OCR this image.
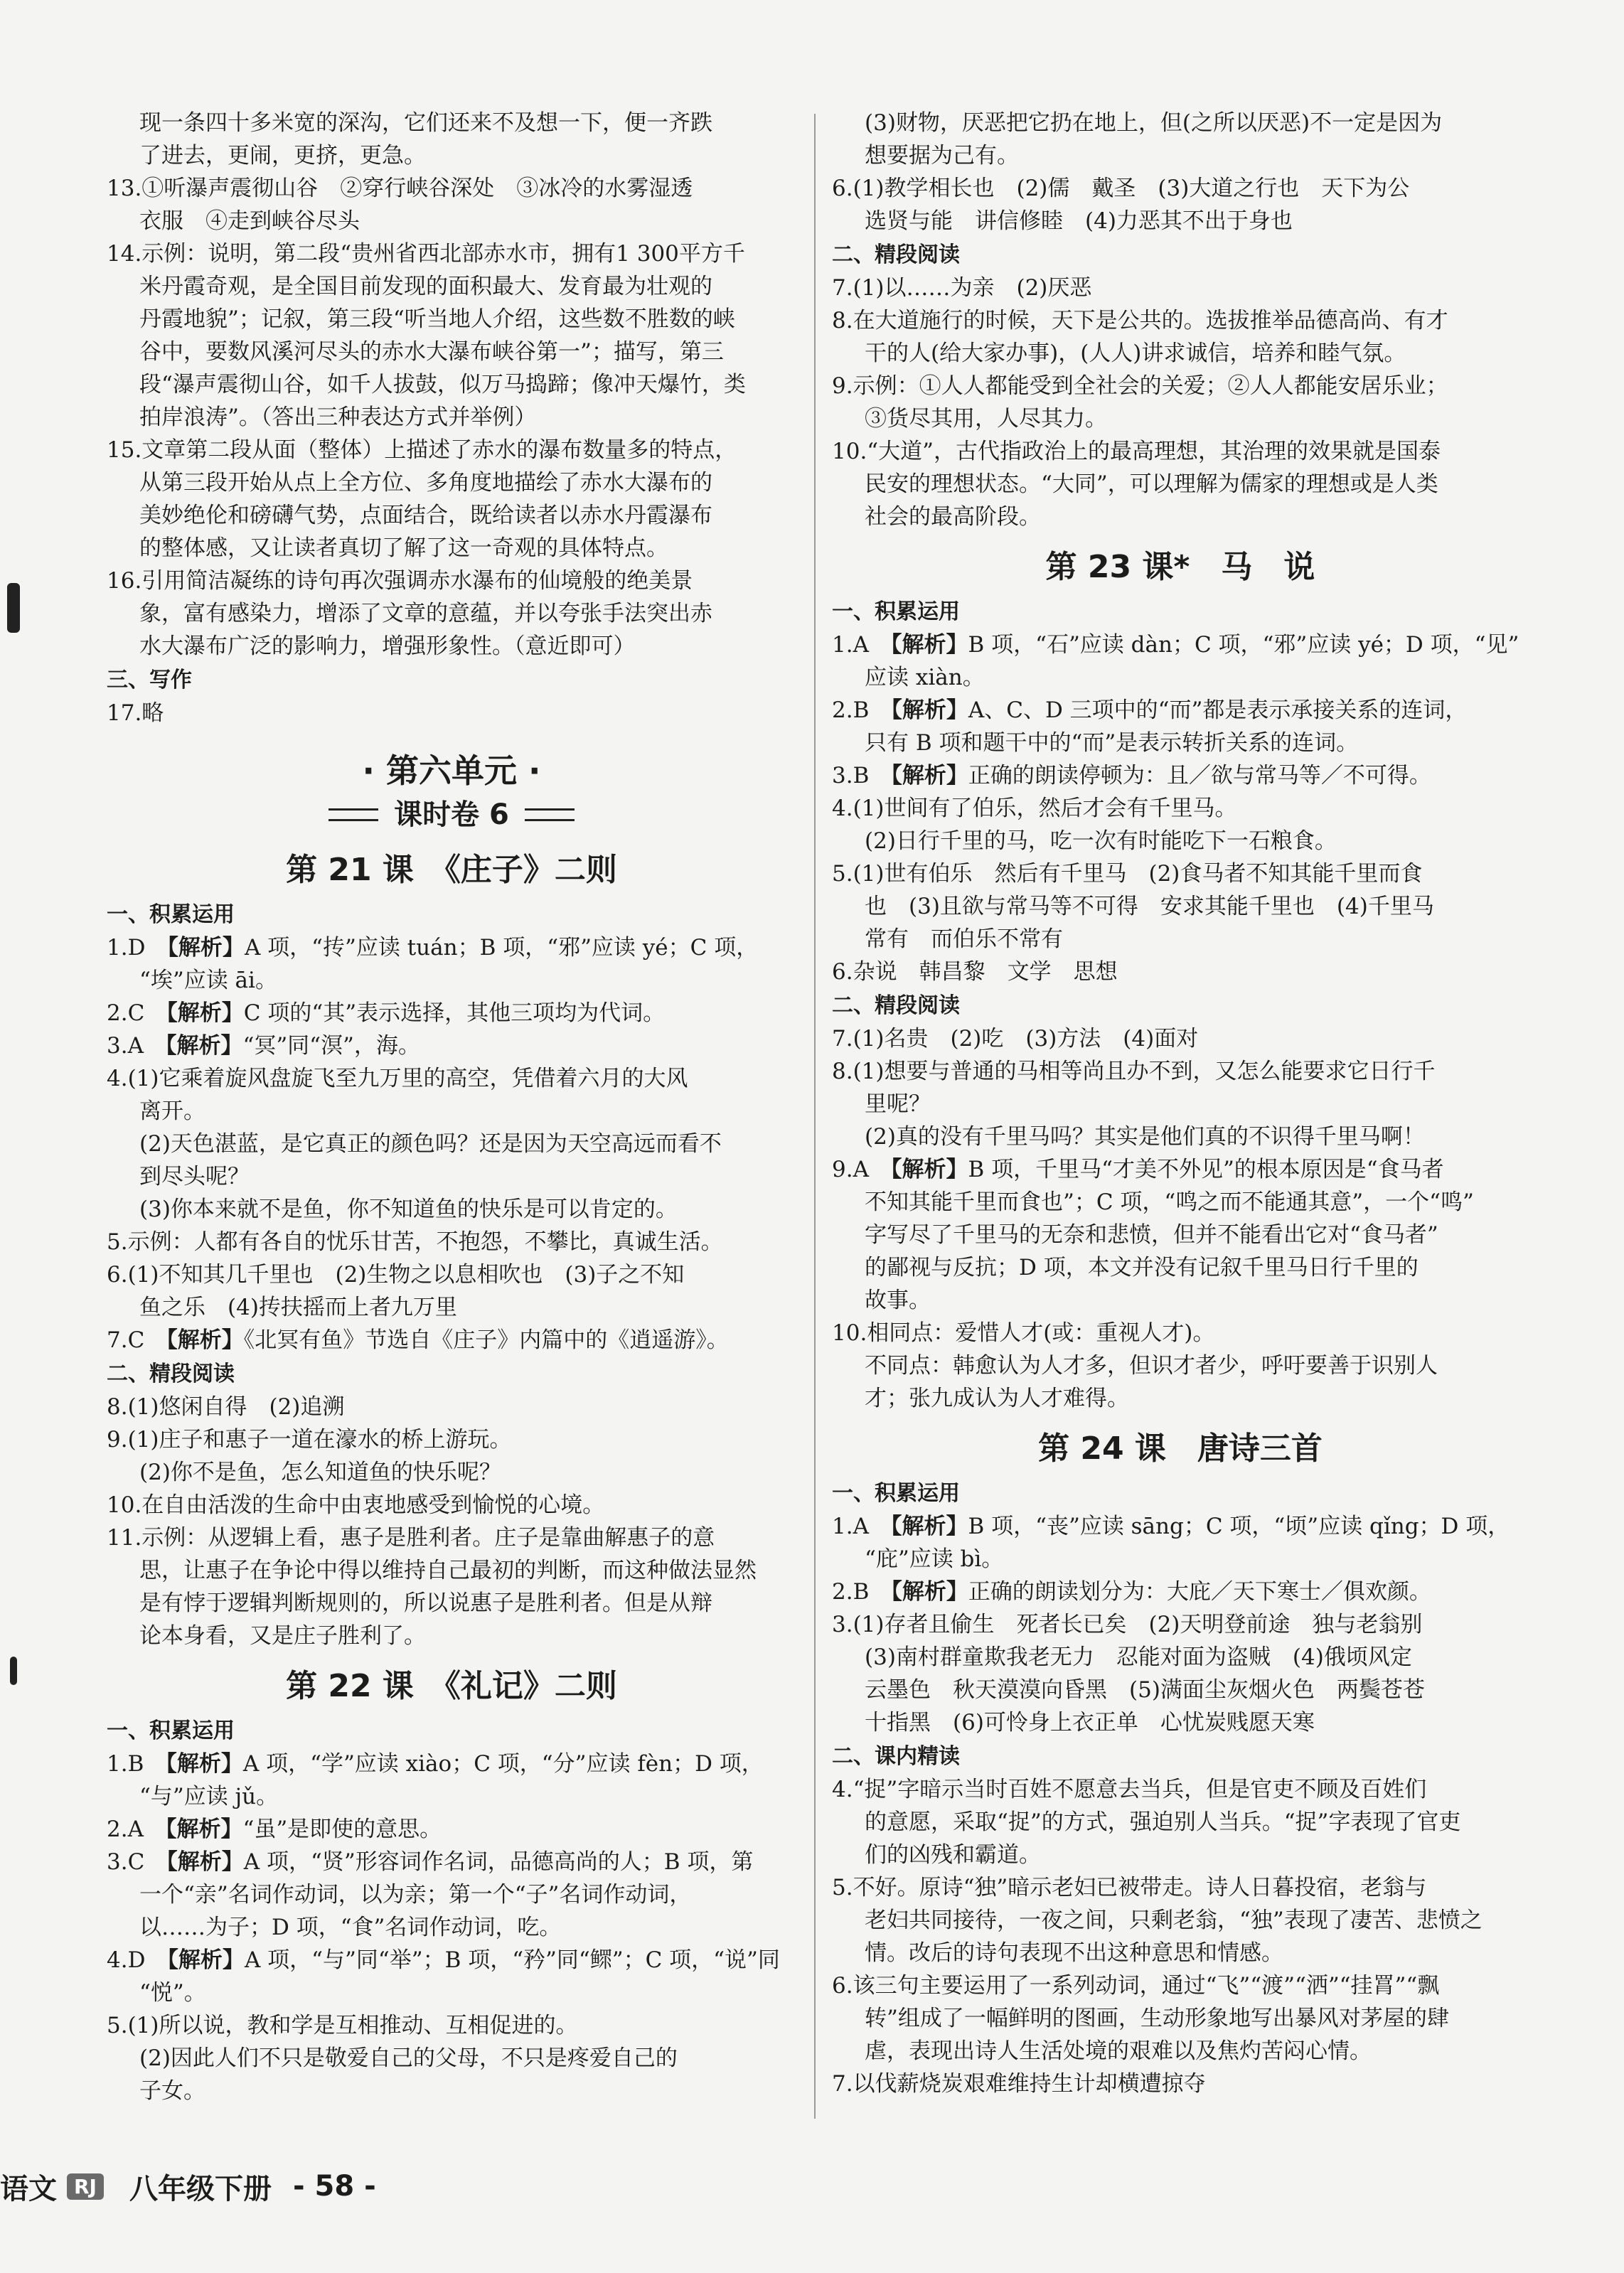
现一条四十多米宽的深沟，它们还来不及想一下，便一齐跌
了进去，更闹，更挤，更急。
13.①听瀑声震彻山谷　②穿行峡谷深处　③冰冷的水雾湿透
衣服　④走到峡谷尽头
14.示例：说明，第二段“贵州省西北部赤水市，拥有1 300平方千
米丹霞奇观，是全国目前发现的面积最大、发育最为壮观的
丹霞地貌”；记叙，第三段“听当地人介绍，这些数不胜数的峡
谷中，要数风溪河尽头的赤水大瀑布峡谷第一”；描写，第三
段“瀑声震彻山谷，如千人拔鼓，似万马捣蹄；像冲天爆竹，类
拍岸浪涛”。（答出三种表达方式并举例）
15.文章第二段从面（整体）上描述了赤水的瀑布数量多的特点，
从第三段开始从点上全方位、多角度地描绘了赤水大瀑布的
美妙绝伦和磅礴气势，点面结合，既给读者以赤水丹霞瀑布
的整体感，又让读者真切了解了这一奇观的具体特点。
16.引用简洁凝练的诗句再次强调赤水瀑布的仙境般的绝美景
象，富有感染力，增添了文章的意蕴，并以夸张手法突出赤
水大瀑布广泛的影响力，增强形象性。（意近即可）
三、写作
17.略
· 第六单元 ·
课时卷 6
第 21 课　《庄子》二则
一、积累运用
1.D　【解析】A 项，“抟”应读 tuán；B 项，“邪”应读 yé；C 项，
“埃”应读 āi。
2.C　【解析】C 项的“其”表示选择，其他三项均为代词。
3.A　【解析】“冥”同“溟”，海。
4.(1)它乘着旋风盘旋飞至九万里的高空，凭借着六月的大风
离开。
(2)天色湛蓝，是它真正的颜色吗？还是因为天空高远而看不
到尽头呢？
(3)你本来就不是鱼，你不知道鱼的快乐是可以肯定的。
5.示例：人都有各自的忧乐甘苦，不抱怨，不攀比，真诚生活。
6.(1)不知其几千里也　(2)生物之以息相吹也　(3)子之不知
鱼之乐　(4)抟扶摇而上者九万里
7.C　【解析】《北冥有鱼》节选自《庄子》内篇中的《逍遥游》。
二、精段阅读
8.(1)悠闲自得　(2)追溯
9.(1)庄子和惠子一道在濠水的桥上游玩。
(2)你不是鱼，怎么知道鱼的快乐呢？
10.在自由活泼的生命中由衷地感受到愉悦的心境。
11.示例：从逻辑上看，惠子是胜利者。庄子是靠曲解惠子的意
思，让惠子在争论中得以维持自己最初的判断，而这种做法显然
是有悖于逻辑判断规则的，所以说惠子是胜利者。但是从辩
论本身看，又是庄子胜利了。
第 22 课　《礼记》二则
一、积累运用
1.B　【解析】A 项，“学”应读 xiào；C 项，“分”应读 fèn；D 项，
“与”应读 jǔ。
2.A　【解析】“虽”是即使的意思。
3.C　【解析】A 项，“贤”形容词作名词，品德高尚的人；B 项，第
一个“亲”名词作动词，以为亲；第一个“子”名词作动词，
以……为子；D 项，“食”名词作动词，吃。
4.D　【解析】A 项，“与”同“举”；B 项，“矜”同“鳏”；C 项，“说”同
“悦”。
5.(1)所以说，教和学是互相推动、互相促进的。
(2)因此人们不只是敬爱自己的父母，不只是疼爱自己的
子女。
(3)财物，厌恶把它扔在地上，但(之所以厌恶)不一定是因为
想要据为己有。
6.(1)教学相长也　(2)儒　戴圣　(3)大道之行也　天下为公
选贤与能　讲信修睦　(4)力恶其不出于身也
二、精段阅读
7.(1)以……为亲　(2)厌恶
8.在大道施行的时候，天下是公共的。选拔推举品德高尚、有才
干的人(给大家办事)，(人人)讲求诚信，培养和睦气氛。
9.示例：①人人都能受到全社会的关爱；②人人都能安居乐业；
③货尽其用，人尽其力。
10.“大道”，古代指政治上的最高理想，其治理的效果就是国泰
民安的理想状态。“大同”，可以理解为儒家的理想或是人类
社会的最高阶段。
第 23 课*　马　说
一、积累运用
1.A　【解析】B 项，“石”应读 dàn；C 项，“邪”应读 yé；D 项，“见”
应读 xiàn。
2.B　【解析】A、C、D 三项中的“而”都是表示承接关系的连词，
只有 B 项和题干中的“而”是表示转折关系的连词。
3.B　【解析】正确的朗读停顿为：且／欲与常马等／不可得。
4.(1)世间有了伯乐，然后才会有千里马。
(2)日行千里的马，吃一次有时能吃下一石粮食。
5.(1)世有伯乐　然后有千里马　(2)食马者不知其能千里而食
也　(3)且欲与常马等不可得　安求其能千里也　(4)千里马
常有　而伯乐不常有
6.杂说　韩昌黎　文学　思想
二、精段阅读
7.(1)名贵　(2)吃　(3)方法　(4)面对
8.(1)想要与普通的马相等尚且办不到，又怎么能要求它日行千
里呢？
(2)真的没有千里马吗？其实是他们真的不识得千里马啊！
9.A　【解析】B 项，千里马“才美不外见”的根本原因是“食马者
不知其能千里而食也”；C 项，“鸣之而不能通其意”，一个“鸣”
字写尽了千里马的无奈和悲愤，但并不能看出它对“食马者”
的鄙视与反抗；D 项，本文并没有记叙千里马日行千里的
故事。
10.相同点：爱惜人才(或：重视人才)。
不同点：韩愈认为人才多，但识才者少，呼吁要善于识别人
才；张九成认为人才难得。
第 24 课　唐诗三首
一、积累运用
1.A　【解析】B 项，“丧”应读 sāng；C 项，“顷”应读 qǐng；D 项，
“庇”应读 bì。
2.B　【解析】正确的朗读划分为：大庇／天下寒士／俱欢颜。
3.(1)存者且偷生　死者长已矣　(2)天明登前途　独与老翁别
(3)南村群童欺我老无力　忍能对面为盗贼　(4)俄顷风定
云墨色　秋天漠漠向昏黑　(5)满面尘灰烟火色　两鬓苍苍
十指黑　(6)可怜身上衣正单　心忧炭贱愿天寒
二、课内精读
4.“捉”字暗示当时百姓不愿意去当兵，但是官吏不顾及百姓们
的意愿，采取“捉”的方式，强迫别人当兵。“捉”字表现了官吏
们的凶残和霸道。
5.不好。原诗“独”暗示老妇已被带走。诗人日暮投宿，老翁与
老妇共同接待，一夜之间，只剩老翁，“独”表现了凄苦、悲愤之
情。改后的诗句表现不出这种意思和情感。
6.该三句主要运用了一系列动词，通过“飞”“渡”“洒”“挂罥”“飘
转”组成了一幅鲜明的图画，生动形象地写出暴风对茅屋的肆
虐，表现出诗人生活处境的艰难以及焦灼苦闷心情。
7.以伐薪烧炭艰难维持生计却横遭掠夺
语文 RJ 八年级下册 - 58 -
